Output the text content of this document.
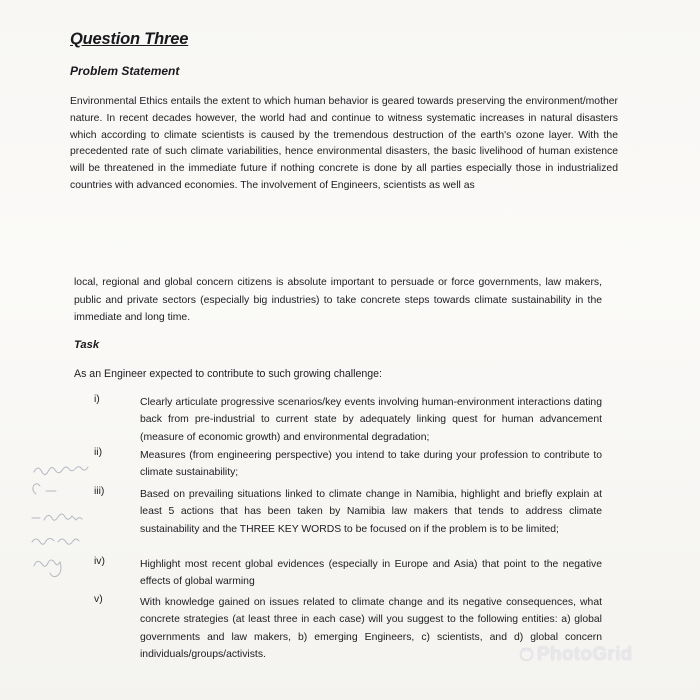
Question Three
Problem Statement
Environmental Ethics entails the extent to which human behavior is geared towards preserving the environment/mother nature. In recent decades however, the world had and continue to witness systematic increases in natural disasters which according to climate scientists is caused by the tremendous destruction of the earth's ozone layer. With the precedented rate of such climate variabilities, hence environmental disasters, the basic livelihood of human existence will be threatened in the immediate future if nothing concrete is done by all parties especially those in industrialized countries with advanced economies. The involvement of Engineers, scientists as well as
local, regional and global concern citizens is absolute important to persuade or force governments, law makers, public and private sectors (especially big industries) to take concrete steps towards climate sustainability in the immediate and long time.
Task
As an Engineer expected to contribute to such growing challenge:
i)	Clearly articulate progressive scenarios/key events involving human-environment interactions dating back from pre-industrial to current state by adequately linking quest for human advancement (measure of economic growth) and environmental degradation;
ii)	Measures (from engineering perspective) you intend to take during your profession to contribute to climate sustainability;
iii)	Based on prevailing situations linked to climate change in Namibia, highlight and briefly explain at least 5 actions that has been taken by Namibia law makers that tends to address climate sustainability and the THREE KEY WORDS to be focused on if the problem is to be limited;
iv)	Highlight most recent global evidences (especially in Europe and Asia) that point to the negative effects of global warming
v)	With knowledge gained on issues related to climate change and its negative consequences, what concrete strategies (at least three in each case) will you suggest to the following entities: a) global governments and law makers, b) emerging Engineers, c) scientists, and d) global concern individuals/groups/activists.	PhotoGrid
